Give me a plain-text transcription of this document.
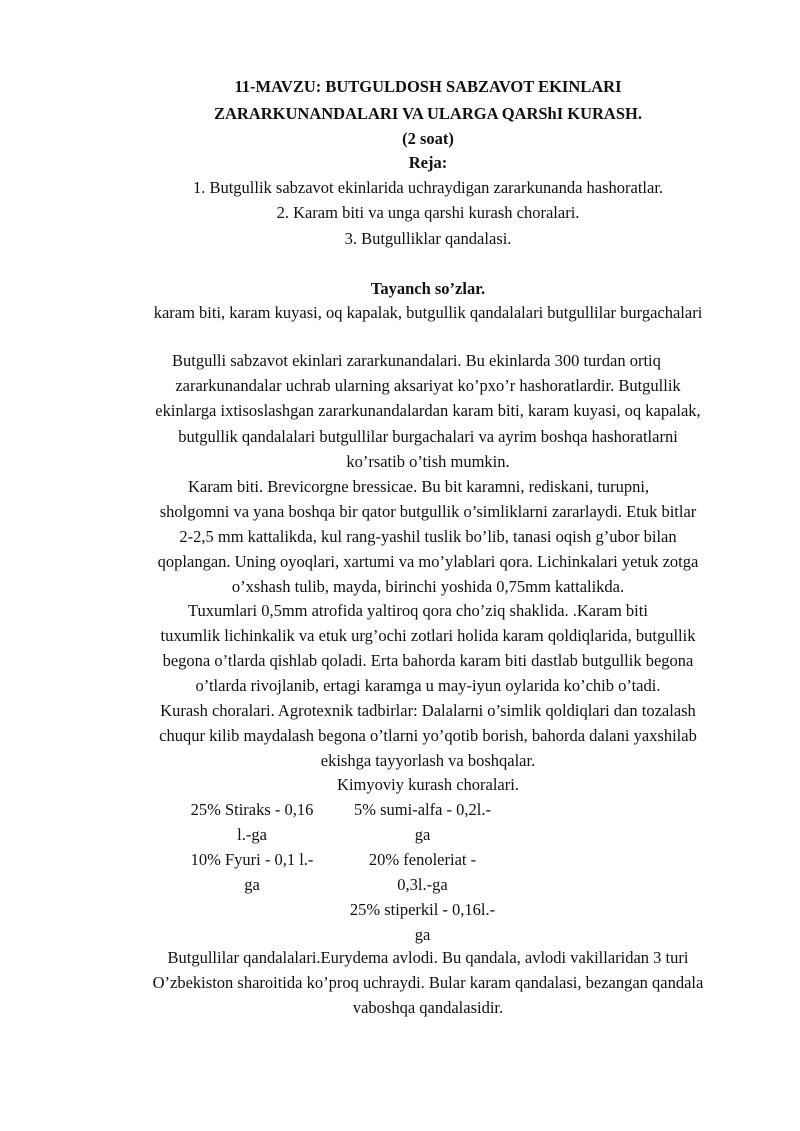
11-MAVZU: BUTGULDOSH SABZAVOT EKINLARI
ZARARKUNANDALARI VA ULARGA QARShI KURASH.
(2 soat)
Reja:
1. Butgullik sabzavot ekinlarida uchraydigan zararkunanda hashoratlar.
2. Karam biti va unga qarshi kurash choralari.
3. Butgulliklar qandalasi.
Tayanch so’zlar.
karam biti, karam kuyasi, oq kapalak, butgullik qandalalari butgullilar burgachalari
Butgulli sabzavot ekinlari zararkunandalari. Bu ekinlarda 300 turdan ortiq
zararkunandalar uchrab ularning aksariyat ko’pxo’r hashoratlardir. Butgullik
ekinlarga ixtisoslashgan zararkunandalardan karam biti, karam kuyasi, oq kapalak,
butgullik qandalalari butgullilar burgachalari va ayrim boshqa hashoratlarni
ko’rsatib o’tish mumkin.
Karam biti. Brevicorgne bressicae. Bu bit karamni, rediskani, turupni,
sholgomni va yana boshqa bir qator butgullik o’simliklarni zararlaydi. Etuk bitlar
2-2,5 mm kattalikda, kul rang-yashil tuslik bo’lib, tanasi oqish g’ubor bilan
qoplangan. Uning oyoqlari, xartumi va mo’ylablari qora. Lichinkalari yetuk zotga
o’xshash tulib, mayda, birinchi yoshida 0,75mm kattalikda.
Tuxumlari 0,5mm atrofida yaltiroq qora cho’ziq shaklida. .Karam biti
tuxumlik lichinkalik va etuk urg’ochi zotlari holida karam qoldiqlarida, butgullik
begona o’tlarda qishlab qoladi. Erta bahorda karam biti dastlab butgullik begona
o’tlarda rivojlanib, ertagi karamga u may-iyun oylarida ko’chib o’tadi.
Kurash choralari. Agrotexnik tadbirlar: Dalalarni o’simlik qoldiqlari dan tozalash
chuqur kilib maydalash begona o’tlarni yo’qotib borish, bahorda dalani yaxshilab
ekishga tayyorlash va boshqalar.
Kimyoviy kurash choralari.
25% Stiraks - 0,16
l.-ga
5% sumi-alfa - 0,2l.-
ga
10% Fyuri - 0,1 l.-
ga
20% fenoleriat -
0,3l.-ga
25% stiperkil - 0,16l.-
ga
Butgullilar qandalalari.Eurydema avlodi. Bu qandala, avlodi vakillaridan 3 turi
O’zbekiston sharoitida ko’proq uchraydi. Bular karam qandalasi, bezangan qandala
vaboshqa qandalasidir.
